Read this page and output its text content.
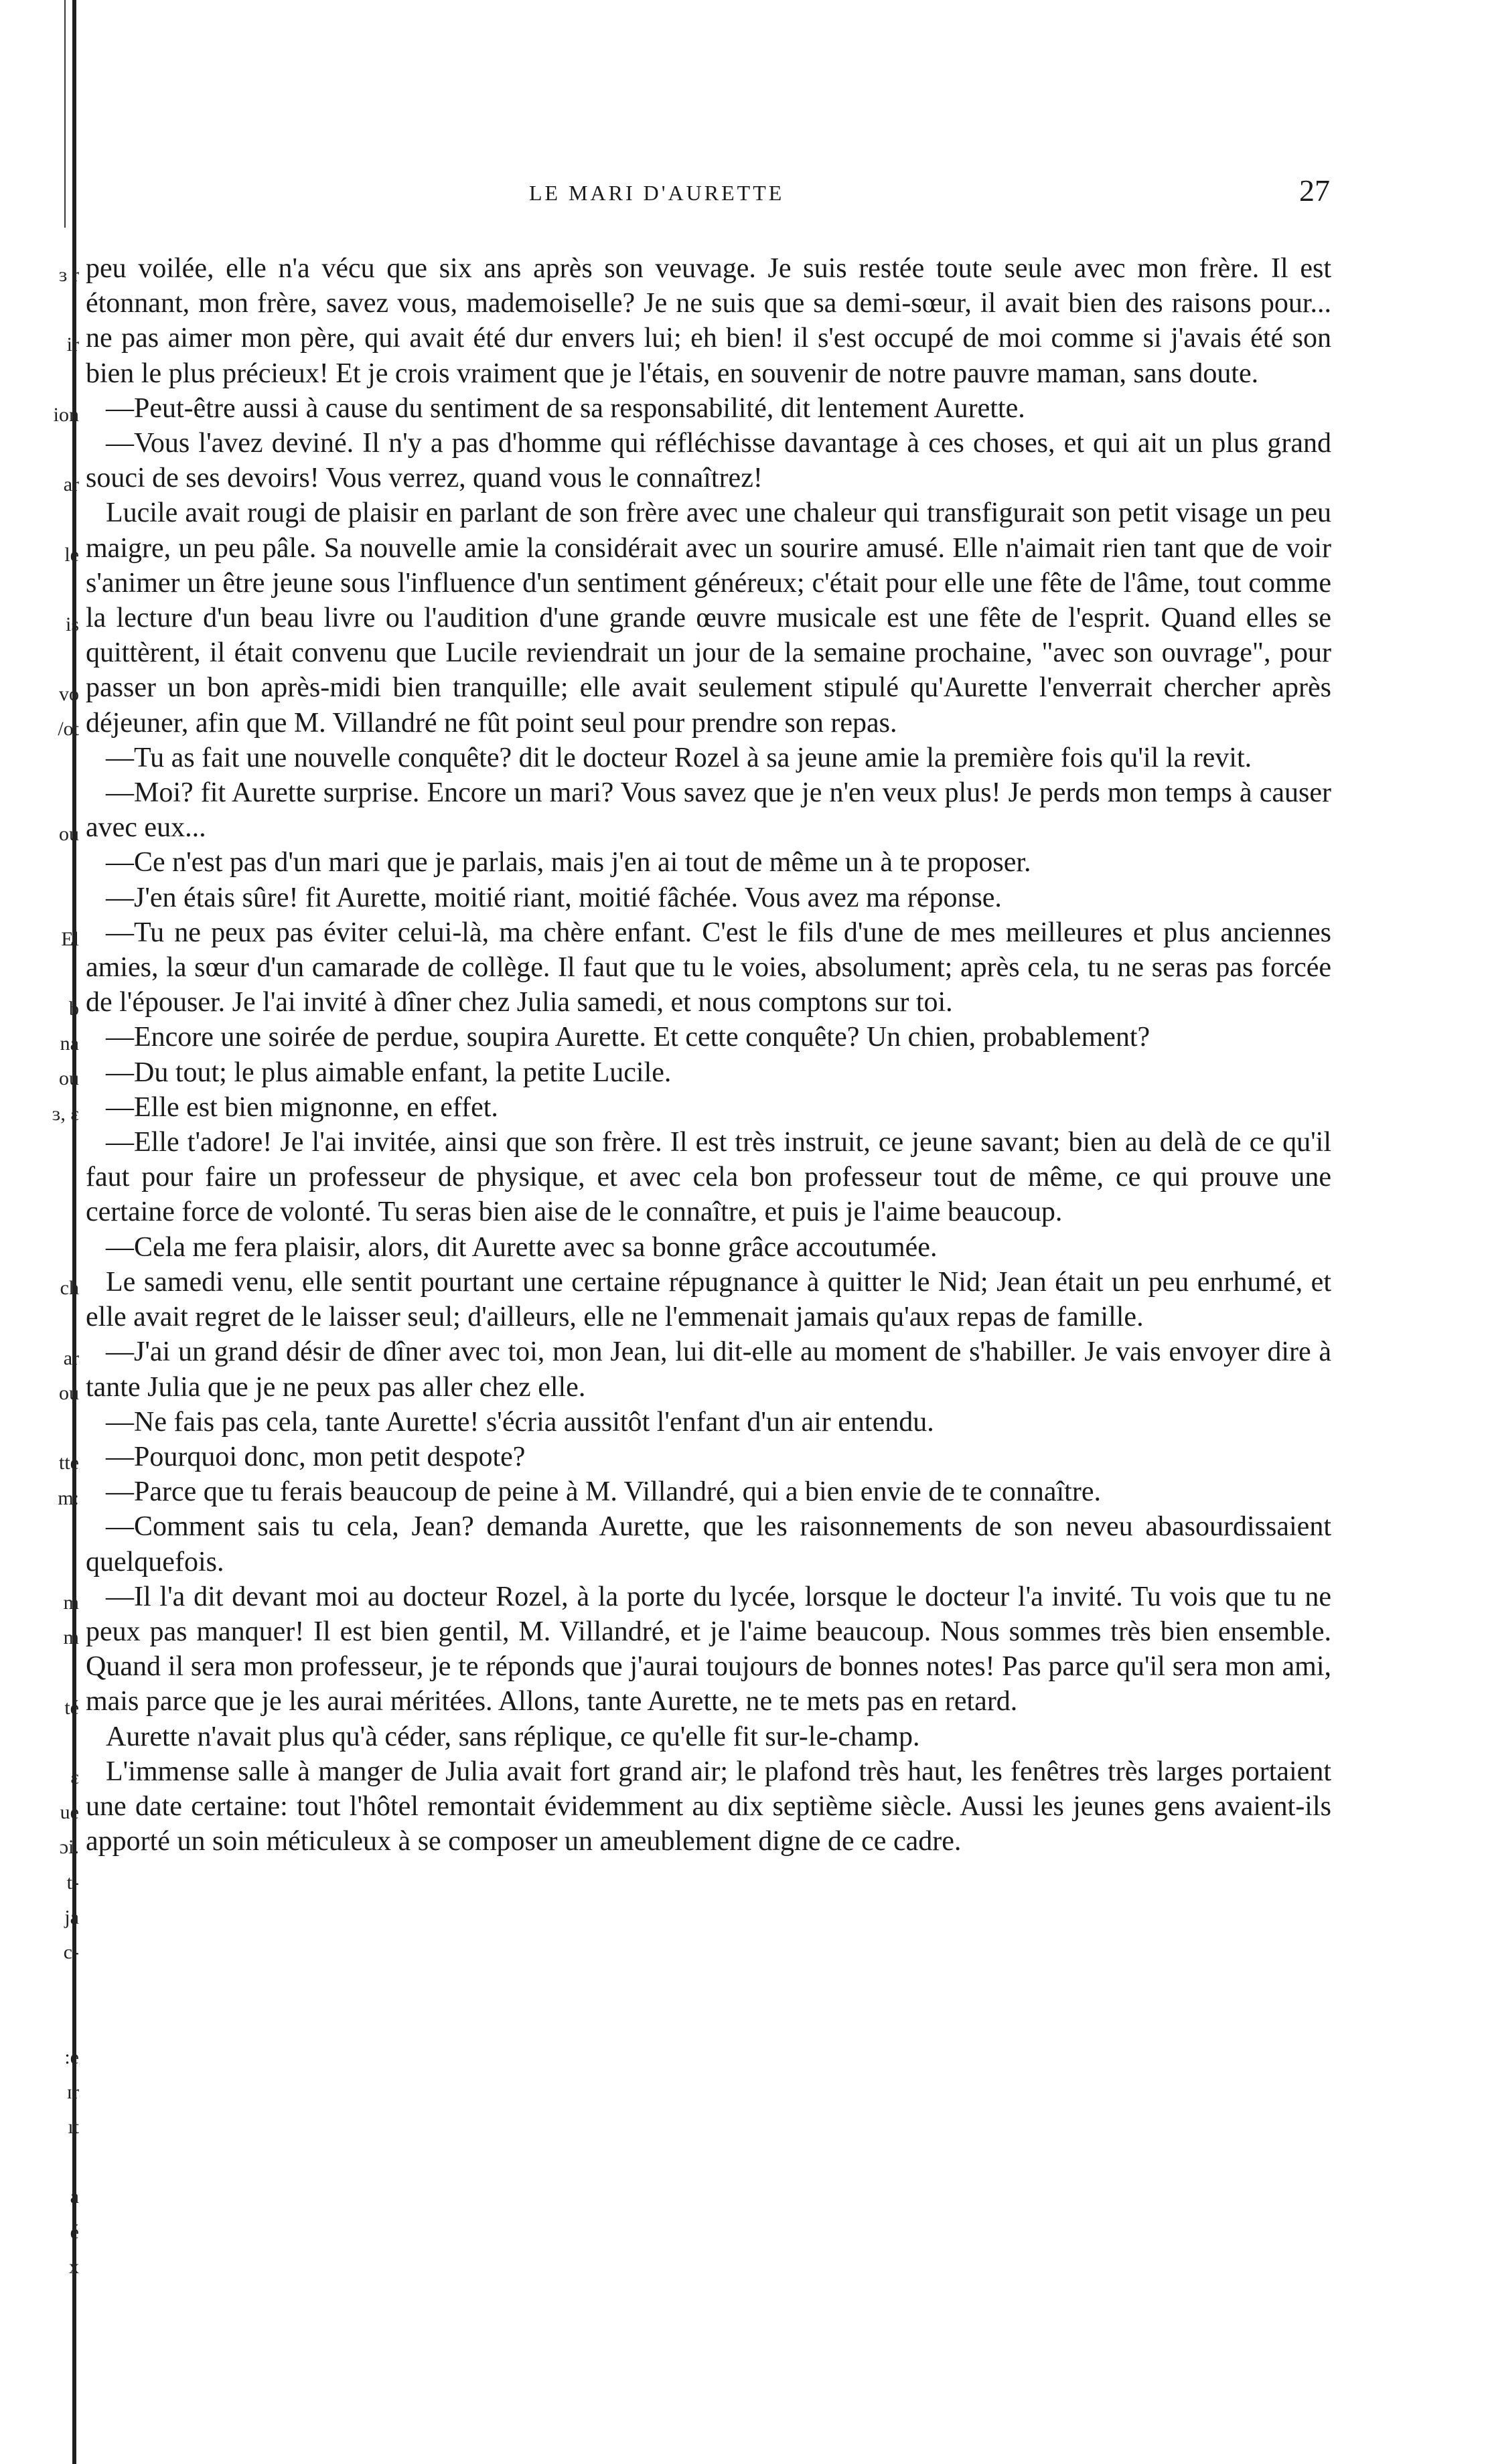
ɜ r
ir
ion
ar
le
is
vo
/ot
ou
El
b
na
ou
ɜ, ɛ
ch
ar
ou
tte
m:
m
m
té
ɛ
ue
ɔi.
t-
ja
c-
:e
ɪr
ıt
a
é
x
LE MARI D'AURETTE	27

peu voilée, elle n'a vécu que six ans après son veuvage. Je suis restée toute seule avec mon frère. Il est étonnant, mon frère, savez vous, mademoiselle? Je ne suis que sa demi-sœur, il avait bien des raisons pour... ne pas aimer mon père, qui avait été dur envers lui; eh bien! il s'est occupé de moi comme si j'avais été son bien le plus précieux! Et je crois vraiment que je l'étais, en souvenir de notre pauvre maman, sans doute.

—Peut-être aussi à cause du sentiment de sa responsabilité, dit lentement Aurette.

—Vous l'avez deviné. Il n'y a pas d'homme qui réfléchisse davantage à ces choses, et qui ait un plus grand souci de ses devoirs! Vous verrez, quand vous le connaîtrez!

Lucile avait rougi de plaisir en parlant de son frère avec une chaleur qui transfigurait son petit visage un peu maigre, un peu pâle. Sa nouvelle amie la considérait avec un sourire amusé. Elle n'aimait rien tant que de voir s'animer un être jeune sous l'influence d'un sentiment généreux; c'était pour elle une fête de l'âme, tout comme la lecture d'un beau livre ou l'audition d'une grande œuvre musicale est une fête de l'esprit. Quand elles se quittèrent, il était convenu que Lucile reviendrait un jour de la semaine prochaine, "avec son ouvrage", pour passer un bon après-midi bien tranquille; elle avait seulement stipulé qu'Aurette l'enverrait chercher après déjeuner, afin que M. Villandré ne fût point seul pour prendre son repas.

—Tu as fait une nouvelle conquête? dit le docteur Rozel à sa jeune amie la première fois qu'il la revit.

—Moi? fit Aurette surprise. Encore un mari? Vous savez que je n'en veux plus! Je perds mon temps à causer avec eux...

—Ce n'est pas d'un mari que je parlais, mais j'en ai tout de même un à te proposer.

—J'en étais sûre! fit Aurette, moitié riant, moitié fâchée. Vous avez ma réponse.

—Tu ne peux pas éviter celui-là, ma chère enfant. C'est le fils d'une de mes meilleures et plus anciennes amies, la sœur d'un camarade de collège. Il faut que tu le voies, absolument; après cela, tu ne seras pas forcée de l'épouser. Je l'ai invité à dîner chez Julia samedi, et nous comptons sur toi.

—Encore une soirée de perdue, soupira Aurette. Et cette conquête? Un chien, probablement?

—Du tout; le plus aimable enfant, la petite Lucile.

—Elle est bien mignonne, en effet.

—Elle t'adore! Je l'ai invitée, ainsi que son frère. Il est très instruit, ce jeune savant; bien au delà de ce qu'il faut pour faire un professeur de physique, et avec cela bon professeur tout de même, ce qui prouve une certaine force de volonté. Tu seras bien aise de le connaître, et puis je l'aime beaucoup.

—Cela me fera plaisir, alors, dit Aurette avec sa bonne grâce accoutumée.

Le samedi venu, elle sentit pourtant une certaine répugnance à quitter le Nid; Jean était un peu enrhumé, et elle avait regret de le laisser seul; d'ailleurs, elle ne l'emmenait jamais qu'aux repas de famille.

—J'ai un grand désir de dîner avec toi, mon Jean, lui dit-elle au moment de s'habiller. Je vais envoyer dire à tante Julia que je ne peux pas aller chez elle.

—Ne fais pas cela, tante Aurette! s'écria aussitôt l'enfant d'un air entendu.

—Pourquoi donc, mon petit despote?

—Parce que tu ferais beaucoup de peine à M. Villandré, qui a bien envie de te connaître.

—Comment sais tu cela, Jean? demanda Aurette, que les raisonnements de son neveu abasourdissaient quelquefois.

—Il l'a dit devant moi au docteur Rozel, à la porte du lycée, lorsque le docteur l'a invité. Tu vois que tu ne peux pas manquer! Il est bien gentil, M. Villandré, et je l'aime beaucoup. Nous sommes très bien ensemble. Quand il sera mon professeur, je te réponds que j'aurai toujours de bonnes notes! Pas parce qu'il sera mon ami, mais parce que je les aurai méritées. Allons, tante Aurette, ne te mets pas en retard.

Aurette n'avait plus qu'à céder, sans réplique, ce qu'elle fit sur-le-champ.

L'immense salle à manger de Julia avait fort grand air; le plafond très haut, les fenêtres très larges portaient une date certaine: tout l'hôtel remontait évidemment au dix septième siècle. Aussi les jeunes gens avaient-ils apporté un soin méticuleux à se composer un ameublement digne de ce cadre.
